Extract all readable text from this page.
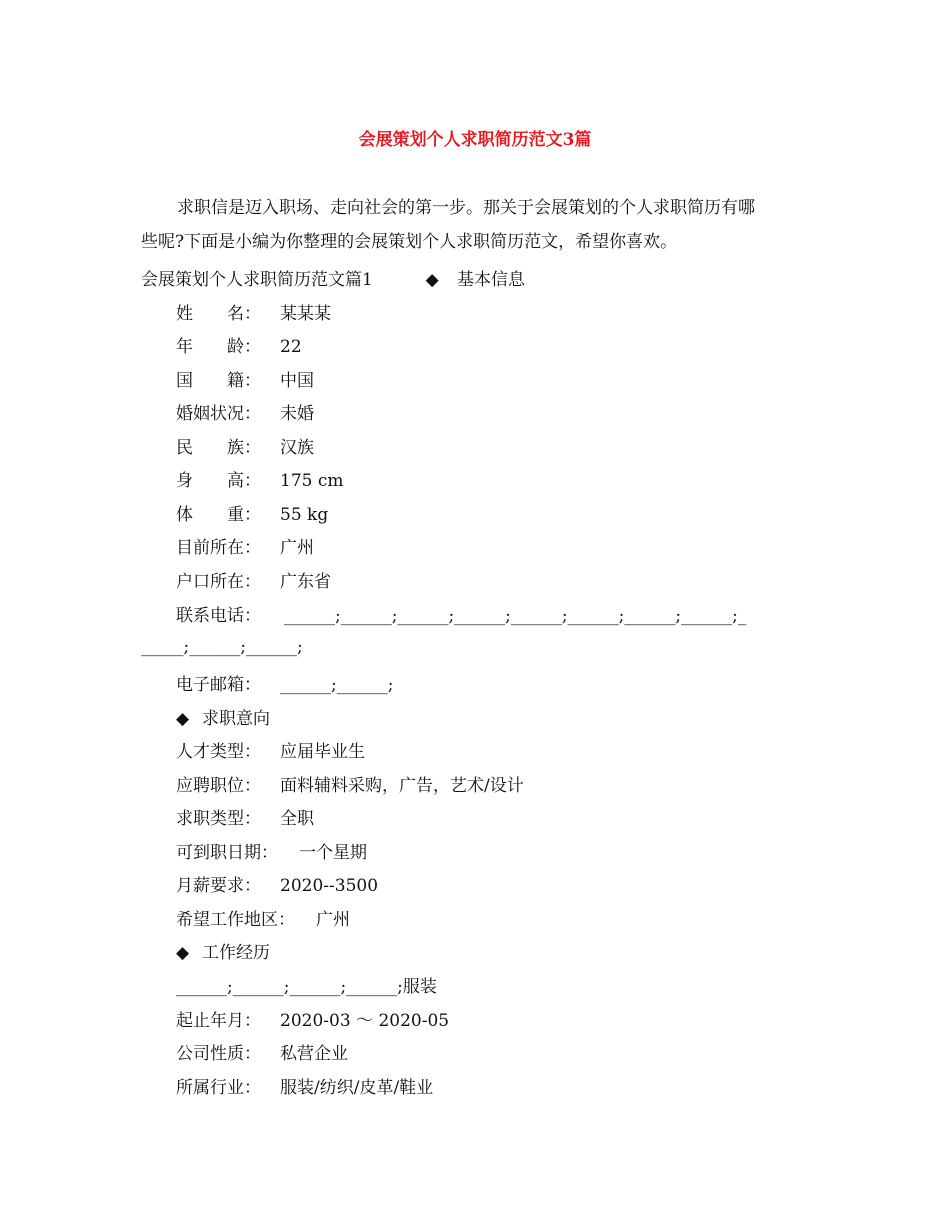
会展策划个人求职简历范文3篇
求职信是迈入职场、走向社会的第一步。那关于会展策划的个人求职简历有哪
些呢?下面是小编为你整理的会展策划个人求职简历范文，希望你喜欢。
会展策划个人求职简历范文篇1	◆ 基本信息
姓　　名： 某某某
年　　龄： 22
国　　籍： 中国
婚姻状况： 未婚
民　　族： 汉族
身　　高： 175 cm
体　　重： 55 kg
目前所在： 广州
户口所在： 广东省
联系电话： ______;______;______;______;______;______;______;______;_
_____;______;______;
电子邮箱： ______;______;
◆ 求职意向
人才类型： 应届毕业生
应聘职位： 面料辅料采购，广告，艺术/设计
求职类型： 全职
可到职日期： 一个星期
月薪要求： 2020--3500
希望工作地区： 广州
◆ 工作经历
______;______;______;______;服装
起止年月： 2020-03 ～ 2020-05
公司性质： 私营企业
所属行业： 服装/纺织/皮革/鞋业
